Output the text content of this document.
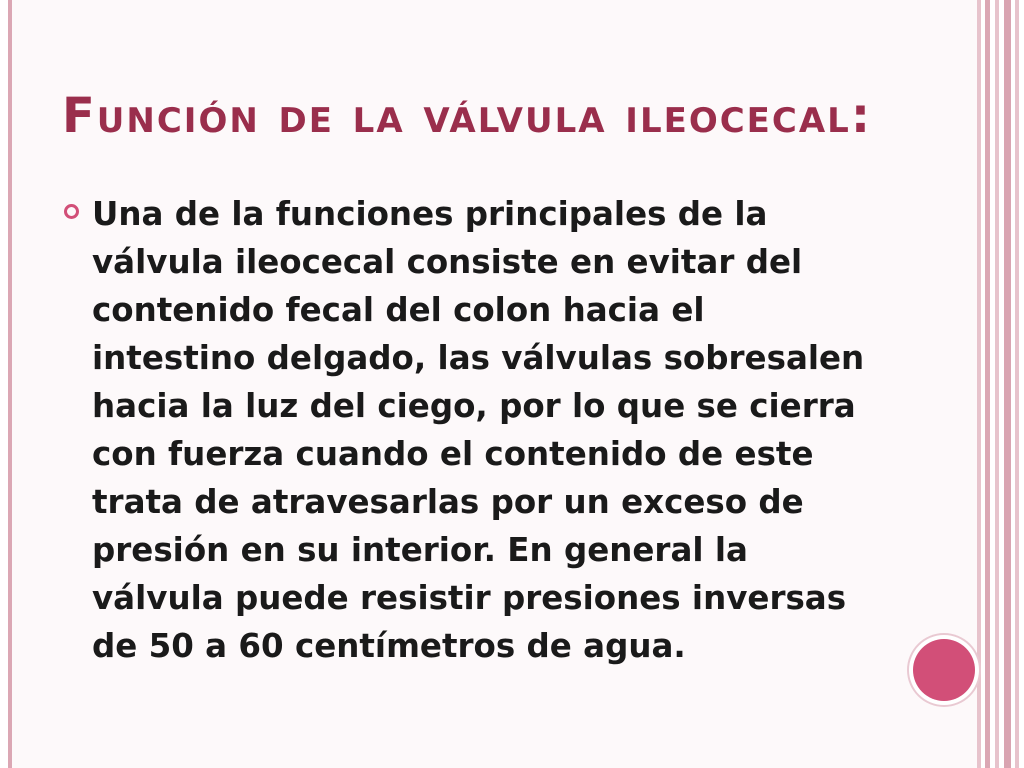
Función de la válvula ileocecal:
Una de la funciones principales de la
válvula ileocecal consiste en evitar del
contenido fecal del colon hacia el
intestino delgado, las válvulas sobresalen
hacia la luz del ciego, por lo que se cierra
con fuerza cuando el contenido de este
trata de atravesarlas por un exceso de
presión en su interior. En general la
válvula puede resistir presiones inversas
de 50 a 60 centímetros de agua.
